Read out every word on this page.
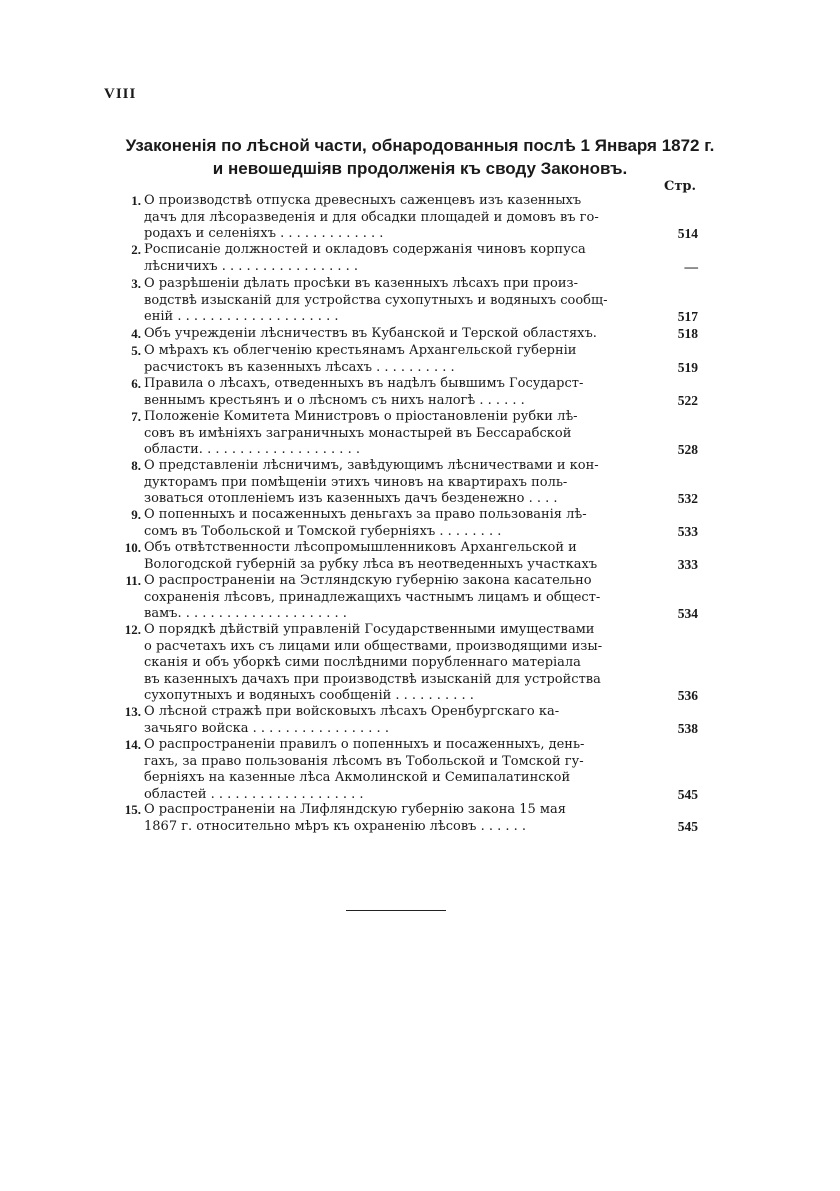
VIII
Узаконенія по лѣсной части, обнародованныя послѣ 1 Января 1872 г.
и невошедшіяв продолженія къ своду Законовъ.
Стр.
1. О производствѣ отпуска древесныхъ саженцевъ изъ казенныхъ
дачъ для лѣсоразведенія и для обсадки площадей и домовъ въ го-
родахъ и селеніяхъ . . . . . . . . . . . . .	514
2. Росписаніе должностей и окладовъ содержанія чиновъ корпуса
лѣсничихъ . . . . . . . . . . . . . . . . .	—
3. О разрѣшеніи дѣлать просѣки въ казенныхъ лѣсахъ при произ-
водствѣ изысканій для устройства сухопутныхъ и водяныхъ сообщ-
еній . . . . . . . . . . . . . . . . . . . .	517
4. Объ учрежденіи лѣсничествъ въ Кубанской и Терской областяхъ.	518
5. О мѣрахъ къ облегченію крестьянамъ Архангельской губерніи
расчистокъ въ казенныхъ лѣсахъ . . . . . . . . . .	519
6. Правила о лѣсахъ, отведенныхъ въ надѣлъ бывшимъ Государст-
веннымъ крестьянъ и о лѣсномъ съ нихъ налогѣ . . . . . .	522
7. Положеніе Комитета Министровъ о пріостановленіи рубки лѣ-
совъ въ имѣніяхъ заграничныхъ монастырей въ Бессарабской
области. . . . . . . . . . . . . . . . . . . .	528
8. О представленіи лѣсничимъ, завѣдующимъ лѣсничествами и кон-
дукторамъ при помѣщеніи этихъ чиновъ на квартирахъ поль-
зоваться отопленіемъ изъ казенныхъ дачъ безденежно . . . .	532
9. О попенныхъ и посаженныхъ деньгахъ за право пользованія лѣ-
сомъ въ Тобольской и Томской губерніяхъ . . . . . . . .	533
10. Объ отвѣтственности лѣсопромышленниковъ Архангельской и
Вологодской губерній за рубку лѣса въ неотведенныхъ участкахъ	333
11. О распространеніи на Эстляндскую губернію закона касательно
сохраненія лѣсовъ, принадлежащихъ частнымъ лицамъ и общест-
вамъ. . . . . . . . . . . . . . . . . . . . .	534
12. О порядкѣ дѣйствій управленій Государственными имуществами
о расчетахъ ихъ съ лицами или обществами, производящими изы-
сканія и объ уборкѣ сими послѣдними порубленнаго матеріала
въ казенныхъ дачахъ при производствѣ изысканій для устройства
сухопутныхъ и водяныхъ сообщеній . . . . . . . . . .	536
13. О лѣсной стражѣ при войсковыхъ лѣсахъ Оренбургскаго ка-
зачьяго войска . . . . . . . . . . . . . . . . .	538
14. О распространеніи правилъ о попенныхъ и посаженныхъ, день-
гахъ, за право пользованія лѣсомъ въ Тобольской и Томской гу-
берніяхъ на казенные лѣса Акмолинской и Семипалатинской
областей . . . . . . . . . . . . . . . . . . .	545
15. О распространеніи на Лифляндскую губернію закона 15 мая
1867 г. относительно мѣръ къ охраненію лѣсовъ . . . . . .	545
